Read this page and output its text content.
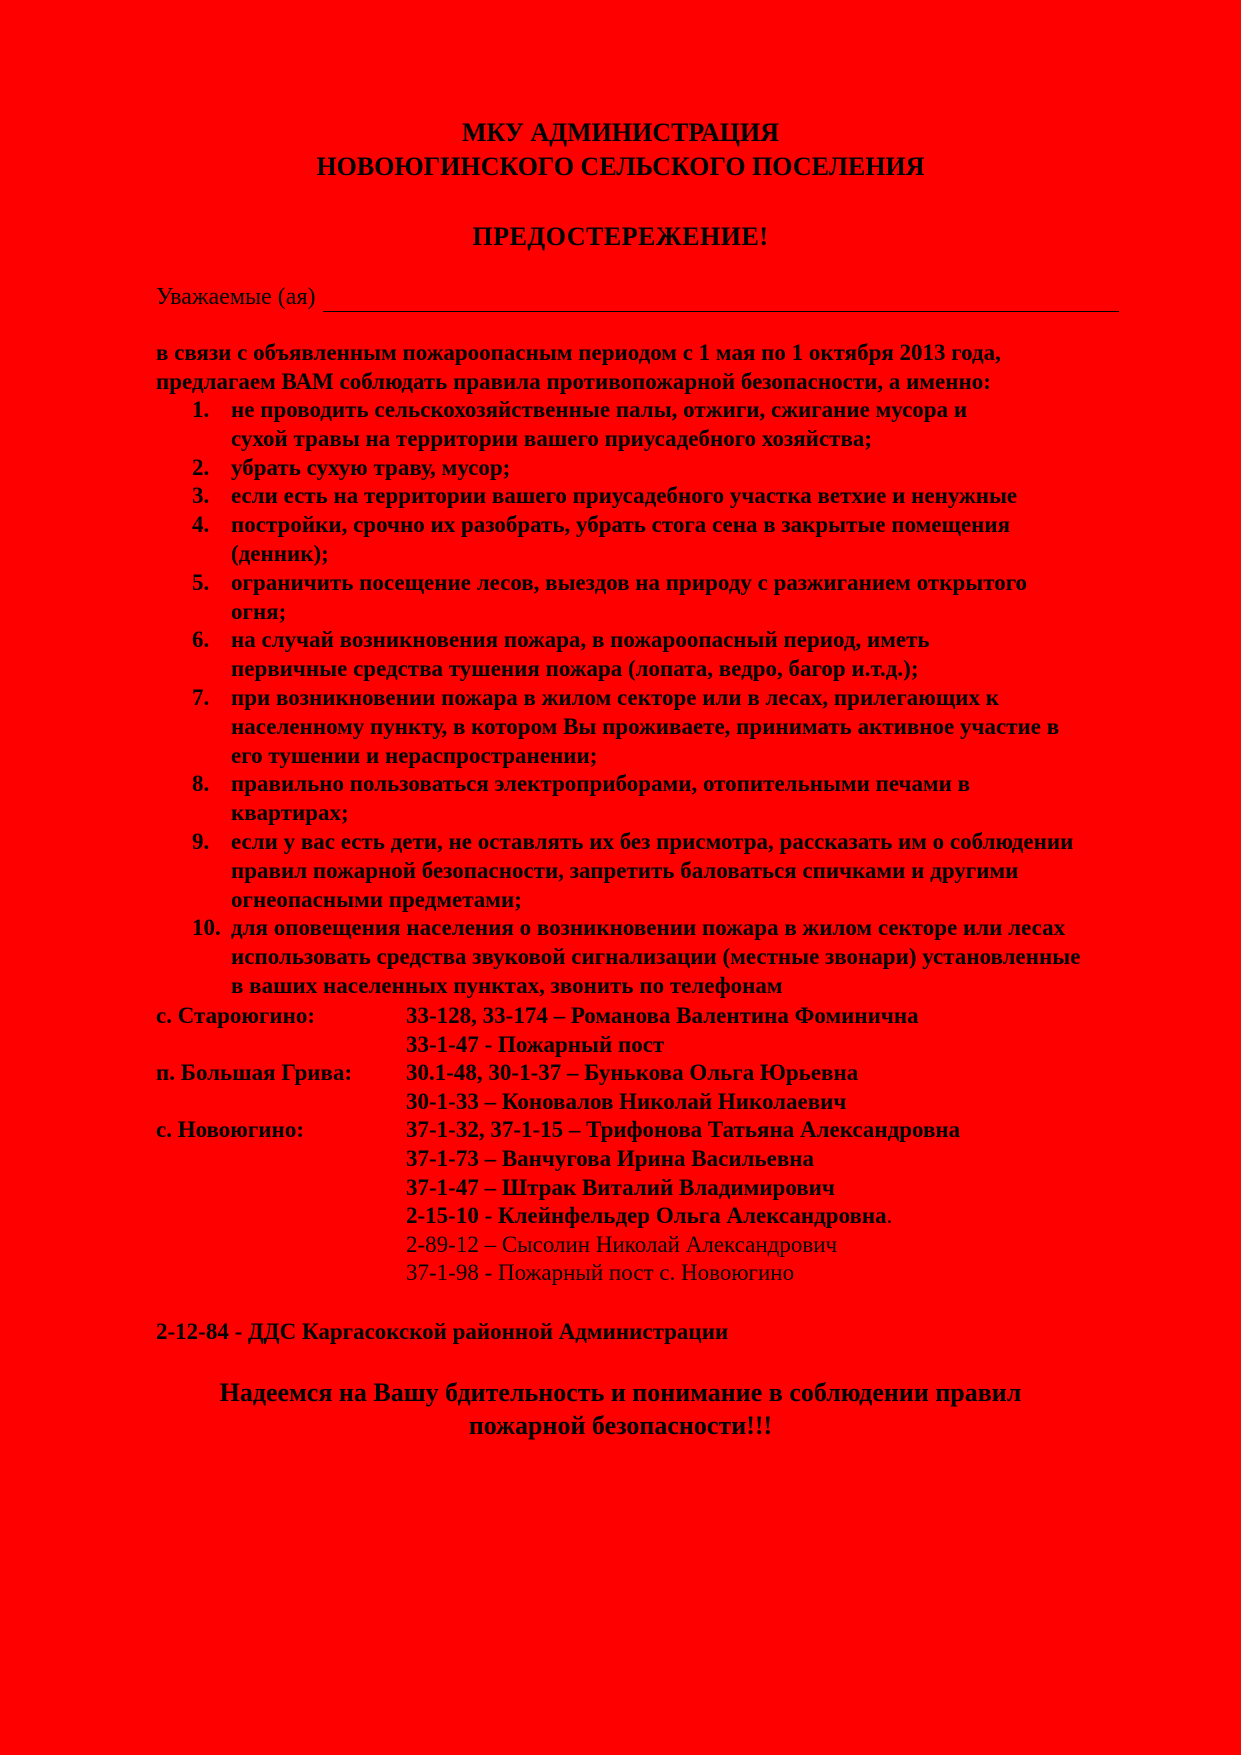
МКУ АДМИНИСТРАЦИЯ
НОВОЮГИНСКОГО СЕЛЬСКОГО ПОСЕЛЕНИЯ
ПРЕДОСТЕРЕЖЕНИЕ!
Уважаемые (ая)
в связи с объявленным пожароопасным периодом с 1 мая по 1 октября 2013 года,
предлагаем ВАМ соблюдать правила противопожарной безопасности, а именно:
1. не проводить сельскохозяйственные палы, отжиги, сжигание мусора и
сухой травы на территории вашего приусадебного хозяйства;
2. убрать сухую траву, мусор;
3. если есть на территории вашего приусадебного участка ветхие и ненужные
4. постройки, срочно их разобрать, убрать стога сена в закрытые помещения
(денник);
5. ограничить посещение лесов, выездов на природу с разжиганием открытого
огня;
6. на случай возникновения пожара, в пожароопасный период, иметь
первичные средства тушения пожара (лопата, ведро, багор и.т.д.);
7. при возникновении пожара в жилом секторе или в лесах, прилегающих к
населенному пункту, в котором Вы проживаете, принимать активное участие в
его тушении и нераспространении;
8. правильно пользоваться электроприборами, отопительными печами в
квартирах;
9. если у вас есть дети, не оставлять их без присмотра, рассказать им о соблюдении
правил пожарной безопасности, запретить баловаться спичками и другими
огнеопасными предметами;
10. для оповещения населения о возникновении пожара в жилом секторе или лесах
использовать средства звуковой сигнализации (местные звонари) установленные
в ваших населенных пунктах, звонить по телефонам
с. Староюгино:	33-128, 33-174 – Романова Валентина Фоминична
33-1-47 - Пожарный пост
п. Большая Грива:	30.1-48, 30-1-37 – Бунькова Ольга Юрьевна
30-1-33 – Коновалов Николай Николаевич
с. Новоюгино:	37-1-32, 37-1-15 – Трифонова Татьяна Александровна
37-1-73 – Ванчугова Ирина Васильевна
37-1-47 – Штрак Виталий Владимирович
2-15-10 - Клейнфельдер Ольга Александровна.
2-89-12 – Сысолин Николай Александрович
37-1-98 - Пожарный пост с. Новоюгино
2-12-84 - ДДС Каргасокской районной Администрации
Надеемся на Вашу бдительность и понимание в соблюдении правил
пожарной безопасности!!!
